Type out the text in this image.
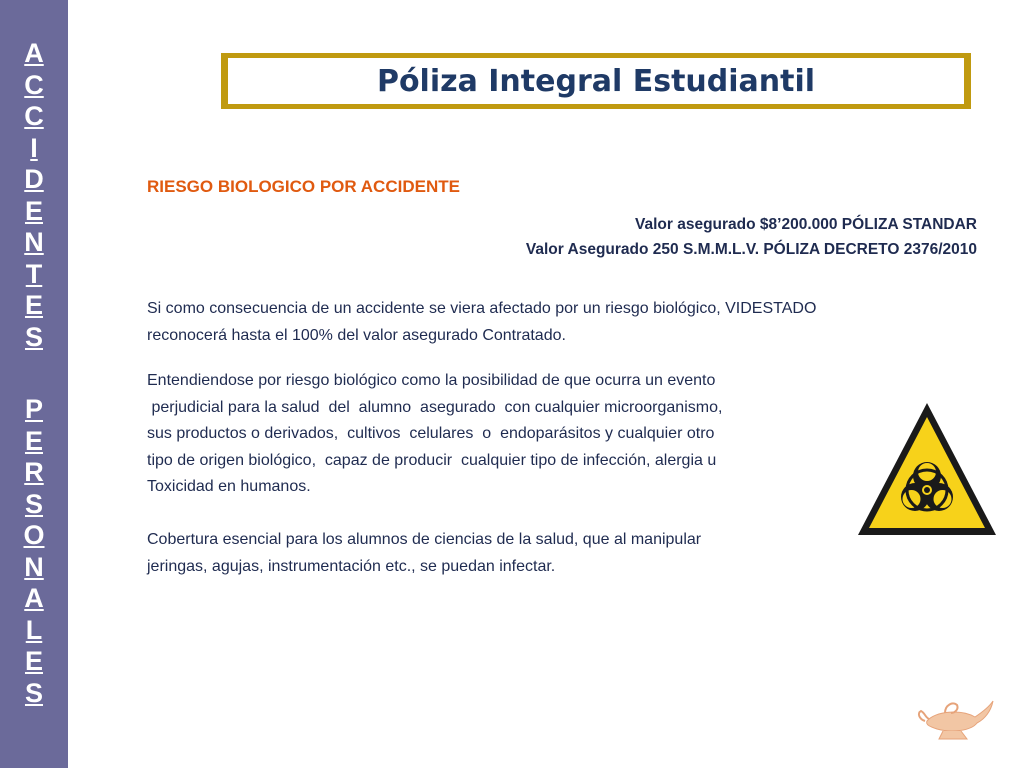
A
C
C
I
D
E
N
T
E
S
P
E
R
S
O
N
A
L
E
S
Póliza Integral Estudiantil
RIESGO BIOLOGICO POR ACCIDENTE
Valor asegurado $8’200.000 PÓLIZA STANDAR
Valor Asegurado 250 S.M.M.L.V. PÓLIZA DECRETO 2376/2010
Si como consecuencia de un accidente se viera afectado por un riesgo biológico, VIDESTADO
reconocerá hasta el 100% del valor asegurado Contratado.
Entendiendose por riesgo biológico como la posibilidad de que ocurra un evento
perjudicial para la salud  del  alumno  asegurado  con cualquier microorganismo,
sus productos o derivados,  cultivos  celulares  o  endoparásitos y cualquier otro
tipo de origen biológico,  capaz de producir  cualquier tipo de infección, alergia u
Toxicidad en humanos.
Cobertura esencial para los alumnos de ciencias de la salud, que al manipular
jeringas, agujas, instrumentación etc., se puedan infectar.
